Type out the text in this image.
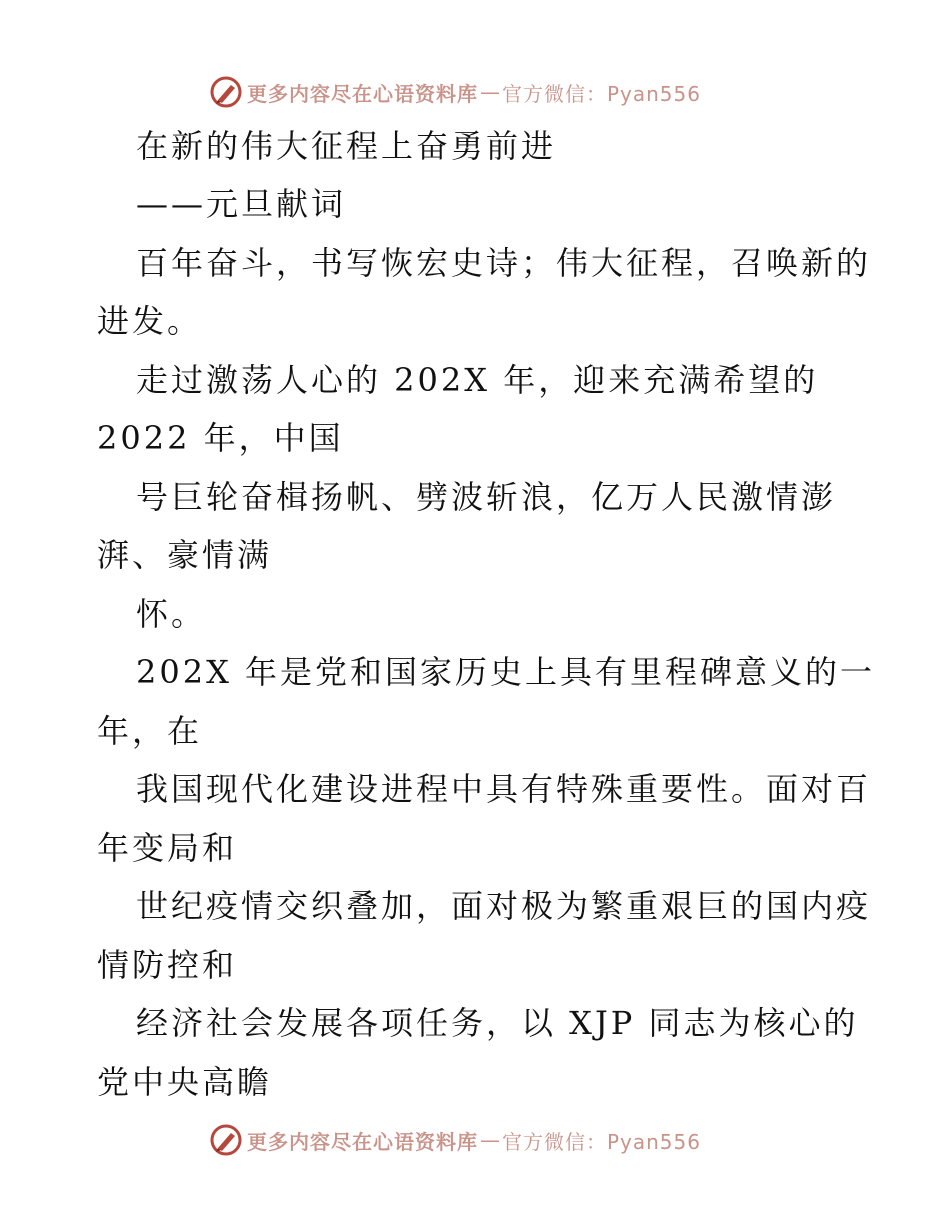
更多内容尽在心语资料库 — 官方微信：Pyan556
在新的伟大征程上奋勇前进
——元旦献词
百年奋斗，书写恢宏史诗；伟大征程，召唤新的
进发。
走过激荡人心的 202X 年，迎来充满希望的
2022 年，中国
号巨轮奋楫扬帆、劈波斩浪，亿万人民激情澎
湃、豪情满
怀。
202X 年是党和国家历史上具有里程碑意义的一
年，在
我国现代化建设进程中具有特殊重要性。面对百
年变局和
世纪疫情交织叠加，面对极为繁重艰巨的国内疫
情防控和
经济社会发展各项任务，以 XJP 同志为核心的
党中央高瞻
更多内容尽在心语资料库 — 官方微信：Pyan556
